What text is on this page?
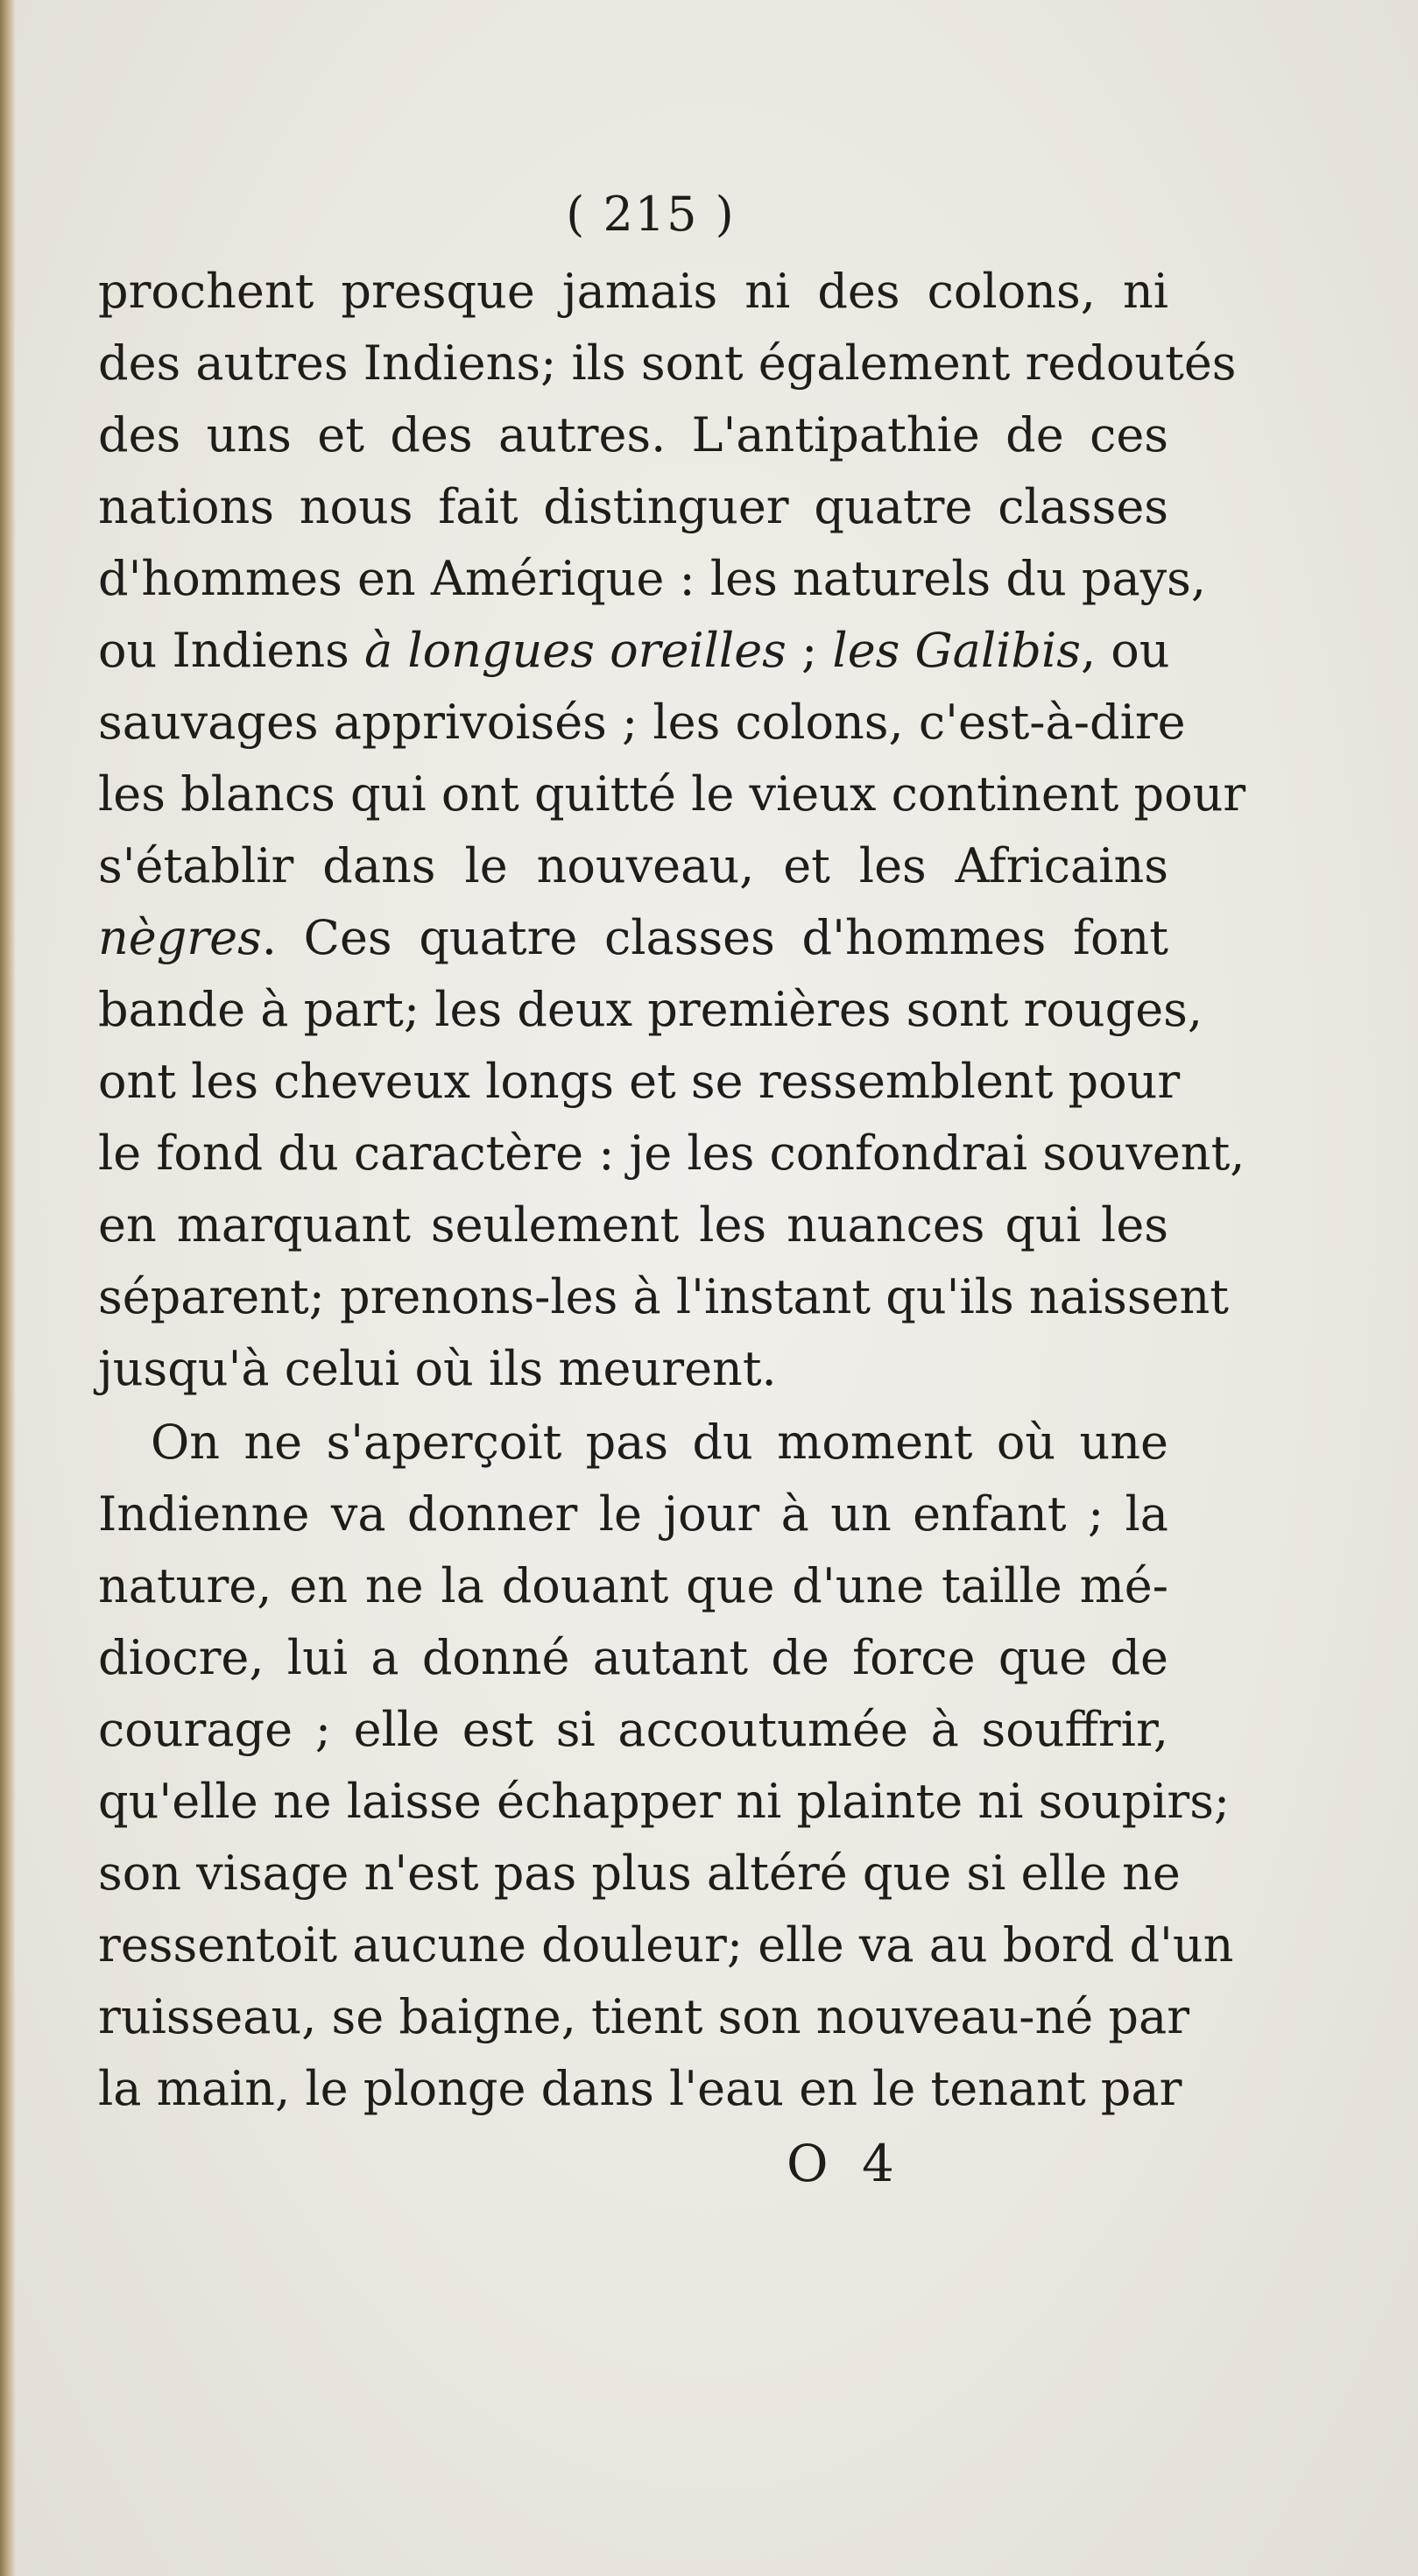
( 215 )
prochent presque jamais ni des colons, ni
des autres Indiens; ils sont également redoutés
des uns et des autres. L'antipathie de ces
nations nous fait distinguer quatre classes
d'hommes en Amérique : les naturels du pays,
ou Indiens à longues oreilles ; les Galibis, ou
sauvages apprivoisés ; les colons, c'est-à-dire
les blancs qui ont quitté le vieux continent pour
s'établir dans le nouveau, et les Africains
nègres. Ces quatre classes d'hommes font
bande à part; les deux premières sont rouges,
ont les cheveux longs et se ressemblent pour
le fond du caractère : je les confondrai souvent,
en marquant seulement les nuances qui les
séparent; prenons-les à l'instant qu'ils naissent
jusqu'à celui où ils meurent.
On ne s'aperçoit pas du moment où une
Indienne va donner le jour à un enfant ; la
nature, en ne la douant que d'une taille mé-
diocre, lui a donné autant de force que de
courage ; elle est si accoutumée à souffrir,
qu'elle ne laisse échapper ni plainte ni soupirs;
son visage n'est pas plus altéré que si elle ne
ressentoit aucune douleur; elle va au bord d'un
ruisseau, se baigne, tient son nouveau-né par
la main, le plonge dans l'eau en le tenant par
O 4
